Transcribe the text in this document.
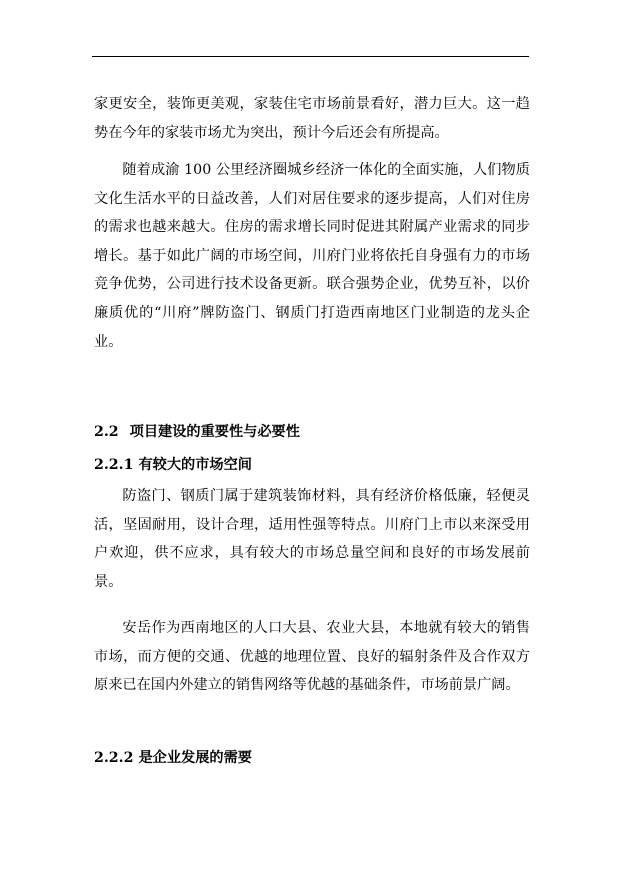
家更安全，装饰更美观，家装住宅市场前景看好，潜力巨大。这一趋势在今年的家装市场尤为突出，预计今后还会有所提高。

随着成渝 100 公里经济圈城乡经济一体化的全面实施，人们物质文化生活水平的日益改善，人们对居住要求的逐步提高，人们对住房的需求也越来越大。住房的需求增长同时促进其附属产业需求的同步增长。基于如此广阔的市场空间，川府门业将依托自身强有力的市场竞争优势，公司进行技术设备更新。联合强势企业，优势互补，以价廉质优的“川府”牌防盗门、钢质门打造西南地区门业制造的龙头企业。

2.2 项目建设的重要性与必要性
2.2.1 有较大的市场空间

防盗门、钢质门属于建筑装饰材料，具有经济价格低廉，轻便灵活，坚固耐用，设计合理，适用性强等特点。川府门上市以来深受用户欢迎，供不应求，具有较大的市场总量空间和良好的市场发展前景。

安岳作为西南地区的人口大县、农业大县，本地就有较大的销售市场，而方便的交通、优越的地理位置、良好的辐射条件及合作双方原来已在国内外建立的销售网络等优越的基础条件，市场前景广阔。

2.2.2 是企业发展的需要
